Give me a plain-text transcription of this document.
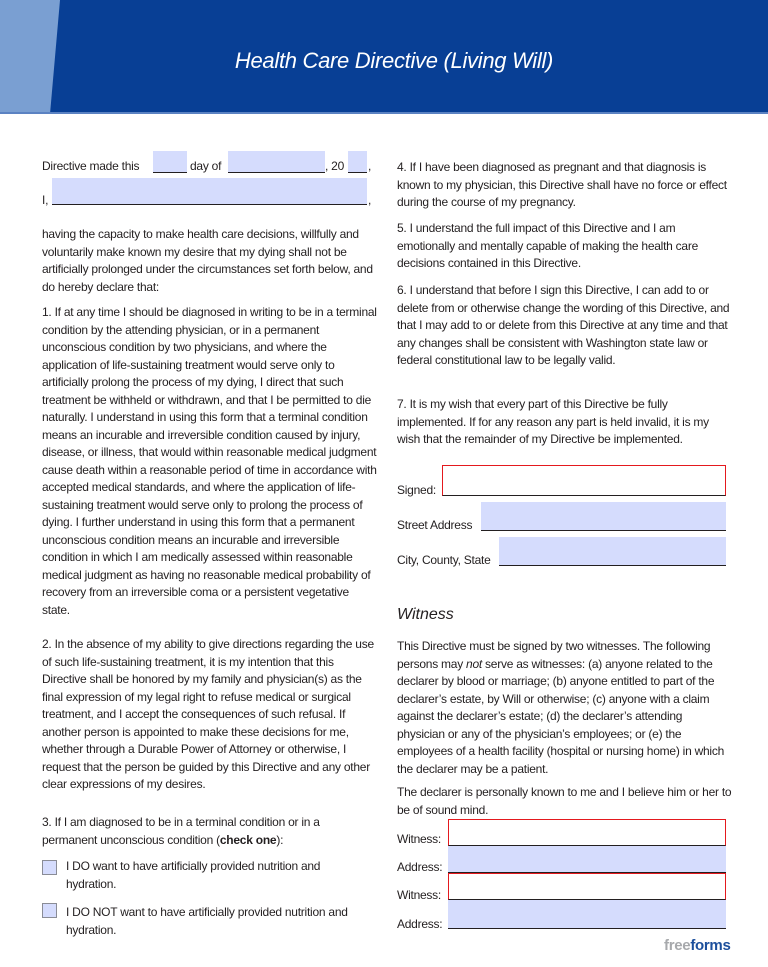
Health Care Directive (Living Will)
Directive made this	day of	, 20 ,
I,	,

having the capacity to make health care decisions, willfully and voluntarily make known my desire that my dying shall not be artificially prolonged under the circumstances set forth below, and do hereby declare that:

1. If at any time I should be diagnosed in writing to be in a terminal condition by the attending physician, or in a permanent unconscious condition by two physicians, and where the application of life-sustaining treatment would serve only to artificially prolong the process of my dying, I direct that such treatment be withheld or withdrawn, and that I be permitted to die naturally. I understand in using this form that a terminal condition means an incurable and irreversible condition caused by injury, disease, or illness, that would within reasonable medical judgment cause death within a reasonable period of time in accordance with accepted medical standards, and where the application of life-sustaining treatment would serve only to prolong the process of dying. I further understand in using this form that a permanent unconscious condition means an incurable and irreversible condition in which I am medically assessed within reasonable medical judgment as having no reasonable medical probability of recovery from an irreversible coma or a persistent vegetative state.

2. In the absence of my ability to give directions regarding the use of such life-sustaining treatment, it is my intention that this Directive shall be honored by my family and physician(s) as the final expression of my legal right to refuse medical or surgical treatment, and I accept the consequences of such refusal. If another person is appointed to make these decisions for me, whether through a Durable Power of Attorney or otherwise, I request that the person be guided by this Directive and any other clear expressions of my desires.

3. If I am diagnosed to be in a terminal condition or in a permanent unconscious condition (check one):

I DO want to have artificially provided nutrition and hydration.

I DO NOT want to have artificially provided nutrition and hydration.

4. If I have been diagnosed as pregnant and that diagnosis is known to my physician, this Directive shall have no force or effect during the course of my pregnancy.

5. I understand the full impact of this Directive and I am emotionally and mentally capable of making the health care decisions contained in this Directive.

6. I understand that before I sign this Directive, I can add to or delete from or otherwise change the wording of this Directive, and that I may add to or delete from this Directive at any time and that any changes shall be consistent with Washington state law or federal constitutional law to be legally valid.

7. It is my wish that every part of this Directive be fully implemented. If for any reason any part is held invalid, it is my wish that the remainder of my Directive be implemented.

Signed:
Street Address
City, County, State
Witness

This Directive must be signed by two witnesses. The following persons may not serve as witnesses: (a) anyone related to the declarer by blood or marriage; (b) anyone entitled to part of the declarer’s estate, by Will or otherwise; (c) anyone with a claim against the declarer’s estate; (d) the declarer’s attending physician or any of the physician’s employees; or (e) the employees of a health facility (hospital or nursing home) in which the declarer may be a patient.

The declarer is personally known to me and I believe him or her to be of sound mind.

Witness:
Address:
Witness:
Address:
freeforms
